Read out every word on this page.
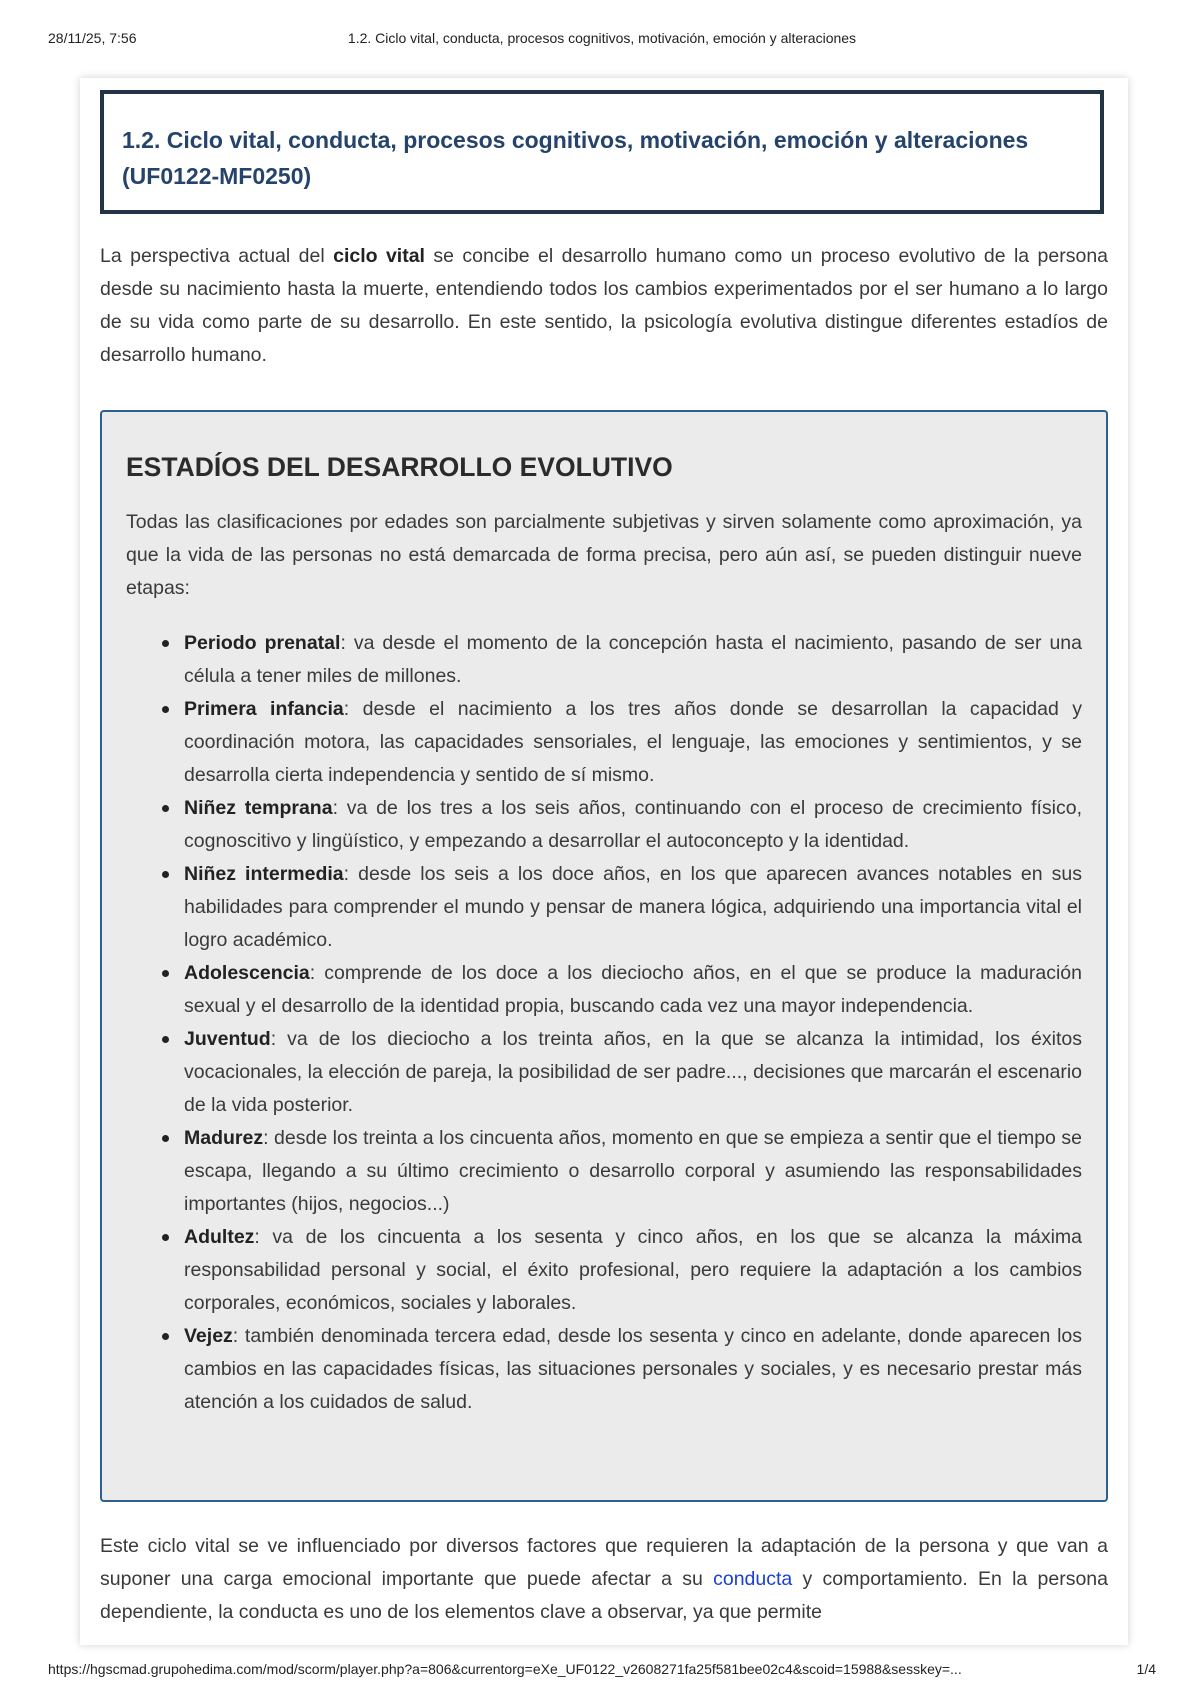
28/11/25, 7:56	1.2. Ciclo vital, conducta, procesos cognitivos, motivación, emoción y alteraciones
1.2. Ciclo vital, conducta, procesos cognitivos, motivación, emoción y alteraciones (UF0122-MF0250)

La perspectiva actual del ciclo vital se concibe el desarrollo humano como un proceso evolutivo de la persona desde su nacimiento hasta la muerte, entendiendo todos los cambios experimentados por el ser humano a lo largo de su vida como parte de su desarrollo. En este sentido, la psicología evolutiva distingue diferentes estadíos de desarrollo humano.

ESTADÍOS DEL DESARROLLO EVOLUTIVO

Todas las clasificaciones por edades son parcialmente subjetivas y sirven solamente como aproximación, ya que la vida de las personas no está demarcada de forma precisa, pero aún así, se pueden distinguir nueve etapas:

Periodo prenatal: va desde el momento de la concepción hasta el nacimiento, pasando de ser una célula a tener miles de millones.
Primera infancia: desde el nacimiento a los tres años donde se desarrollan la capacidad y coordinación motora, las capacidades sensoriales, el lenguaje, las emociones y sentimientos, y se desarrolla cierta independencia y sentido de sí mismo.
Niñez temprana: va de los tres a los seis años, continuando con el proceso de crecimiento físico, cognoscitivo y lingüístico, y empezando a desarrollar el autoconcepto y la identidad.
Niñez intermedia: desde los seis a los doce años, en los que aparecen avances notables en sus habilidades para comprender el mundo y pensar de manera lógica, adquiriendo una importancia vital el logro académico.
Adolescencia: comprende de los doce a los dieciocho años, en el que se produce la maduración sexual y el desarrollo de la identidad propia, buscando cada vez una mayor independencia.
Juventud: va de los dieciocho a los treinta años, en la que se alcanza la intimidad, los éxitos vocacionales, la elección de pareja, la posibilidad de ser padre..., decisiones que marcarán el escenario de la vida posterior.
Madurez: desde los treinta a los cincuenta años, momento en que se empieza a sentir que el tiempo se escapa, llegando a su último crecimiento o desarrollo corporal y asumiendo las responsabilidades importantes (hijos, negocios...)
Adultez: va de los cincuenta a los sesenta y cinco años, en los que se alcanza la máxima responsabilidad personal y social, el éxito profesional, pero requiere la adaptación a los cambios corporales, económicos, sociales y laborales.
Vejez: también denominada tercera edad, desde los sesenta y cinco en adelante, donde aparecen los cambios en las capacidades físicas, las situaciones personales y sociales, y es necesario prestar más atención a los cuidados de salud.

Este ciclo vital se ve influenciado por diversos factores que requieren la adaptación de la persona y que van a suponer una carga emocional importante que puede afectar a su conducta y comportamiento. En la persona dependiente, la conducta es uno de los elementos clave a observar, ya que permite

https://hgscmad.grupohedima.com/mod/scorm/player.php?a=806&currentorg=eXe_UF0122_v2608271fa25f581bee02c4&scoid=15988&sesskey=...	1/4
